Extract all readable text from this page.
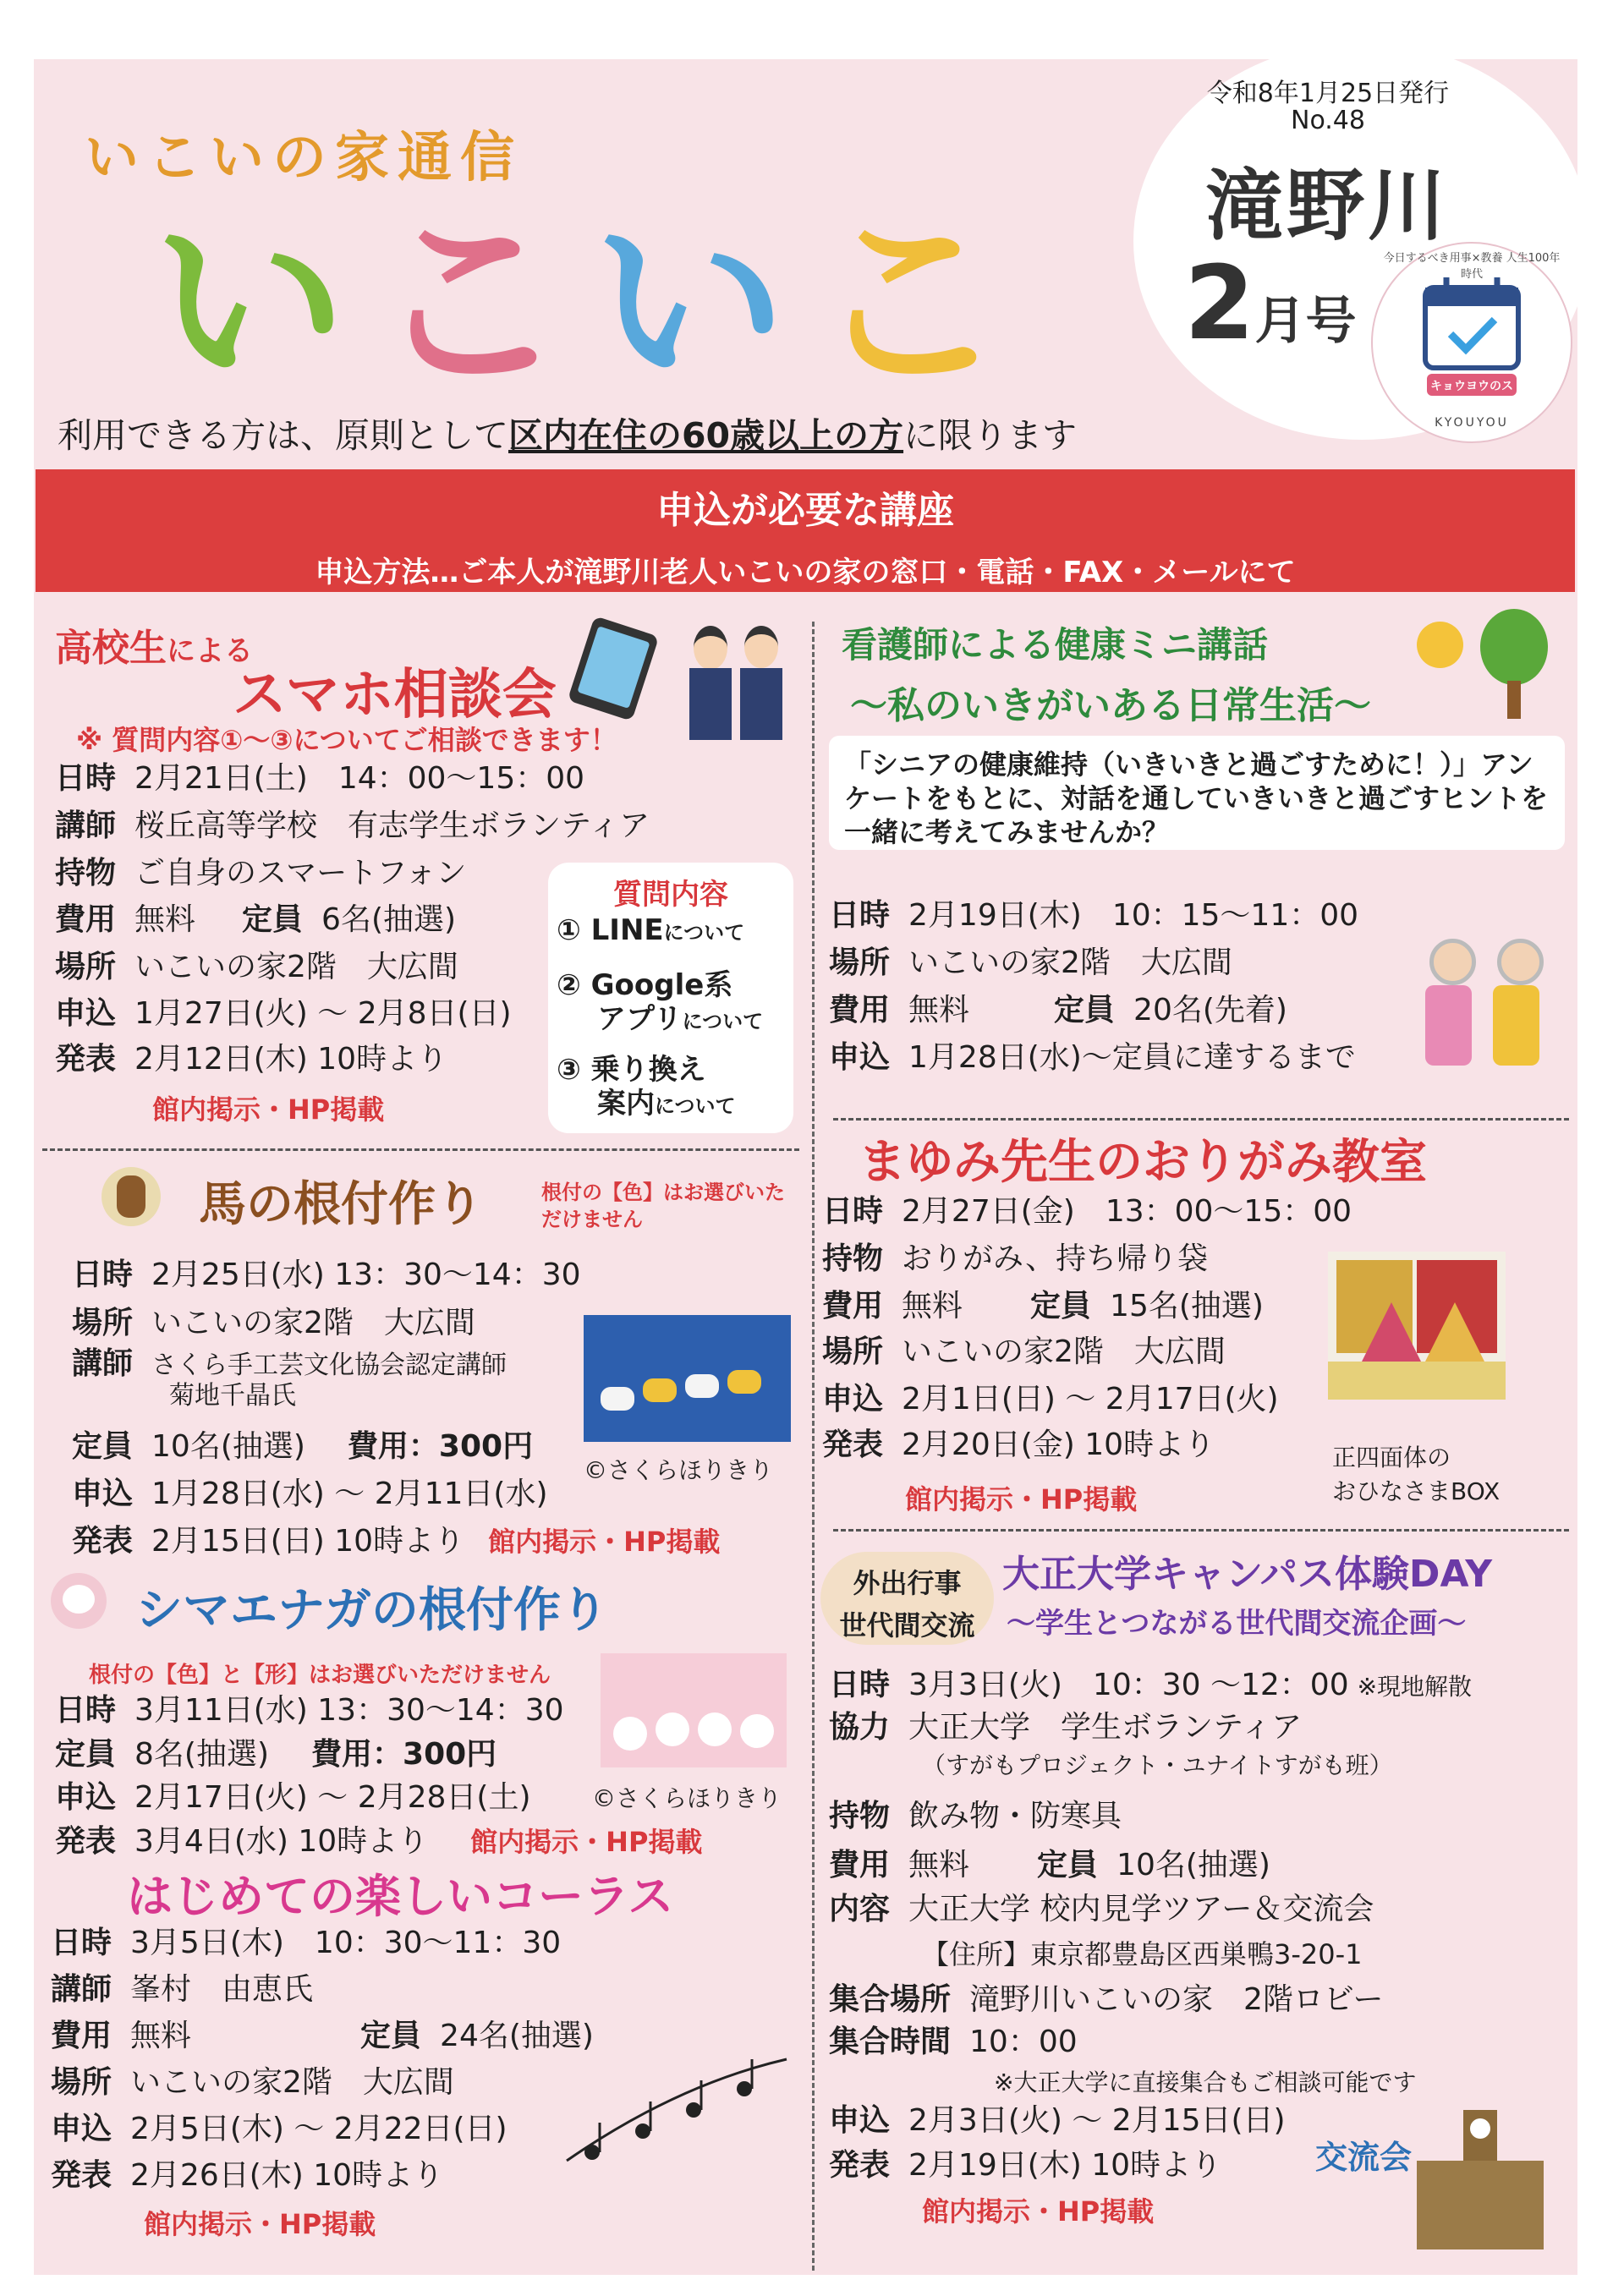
いこいの家通信
い こ い こ
令和8年1月25日発行
No.48
滝野川
2月号
キョウヨウのススメ
今日するべき用事×教養 人生100年時代
KYOUYOU
利用できる方は、原則として区内在住の60歳以上の方に限ります
申込が必要な講座
申込方法…ご本人が滝野川老人いこいの家の窓口・電話・FAX・メールにて
高校生による
スマホ相談会
※ 質問内容①～③についてご相談できます！
日時 2月21日(土)　14：00～15：00
講師 桜丘高等学校　有志学生ボランティア
持物 ご自身のスマートフォン
費用 無料 定員 6名(抽選)
場所 いこいの家2階　大広間
申込 1月27日(火) ～ 2月8日(日)
発表 2月12日(木) 10時より
館内掲示・HP掲載
質問内容
① LINEについて
② Google系
アプリについて
③ 乗り換え
案内について
馬の根付作り	根付の【色】はお選びいただけません
日時 2月25日(水) 13：30～14：30
場所 いこいの家2階　大広間
講師 さくら手工芸文化協会認定講師
菊地千晶氏
定員 10名(抽選) 費用：300円
申込 1月28日(水) ～ 2月11日(水)
発表 2月15日(日) 10時より 館内掲示・HP掲載
©さくらほりきり
シマエナガの根付作り
根付の【色】と【形】はお選びいただけません
日時 3月11日(水) 13：30～14：30
定員 8名(抽選) 費用：300円
申込 2月17日(火) ～ 2月28日(土)
発表 3月4日(水) 10時より 館内掲示・HP掲載
©さくらほりきり
はじめての楽しいコーラス
日時 3月5日(木)　10：30～11：30
講師 峯村　由恵氏
費用 無料	定員 24名(抽選)
場所 いこいの家2階　大広間
申込 2月5日(木) ～ 2月22日(日)
発表 2月26日(木) 10時より
館内掲示・HP掲載
看護師による健康ミニ講話
～私のいきがいある日常生活～
「シニアの健康維持（いきいきと過ごすために！）」アンケートをもとに、対話を通していきいきと過ごすヒントを一緒に考えてみませんか？
日時 2月19日(木)　10：15～11：00
場所 いこいの家2階　大広間
費用 無料	定員 20名(先着)
申込 1月28日(水)～定員に達するまで
まゆみ先生のおりがみ教室
日時 2月27日(金)　13：00～15：00
持物 おりがみ、持ち帰り袋
費用 無料 定員 15名(抽選)
場所 いこいの家2階　大広間
申込 2月1日(日) ～ 2月17日(火)
発表 2月20日(金) 10時より
館内掲示・HP掲載
正四面体の
おひなさまBOX
外出行事
世代間交流
大正大学キャンパス体験DAY
～学生とつながる世代間交流企画～
日時 3月3日(火)　10：30 ～12：00 ※現地解散
協力 大正大学　学生ボランティア
（すがもプロジェクト・ユナイトすがも班）
持物 飲み物・防寒具
費用 無料 定員 10名(抽選)
内容 大正大学 校内見学ツアー＆交流会
【住所】東京都豊島区西巣鴨3-20-1
集合場所 滝野川いこいの家　2階ロビー
集合時間 10：00
※大正大学に直接集合もご相談可能です
申込 2月3日(火) ～ 2月15日(日)
発表 2月19日(木) 10時より
館内掲示・HP掲載
交流会
